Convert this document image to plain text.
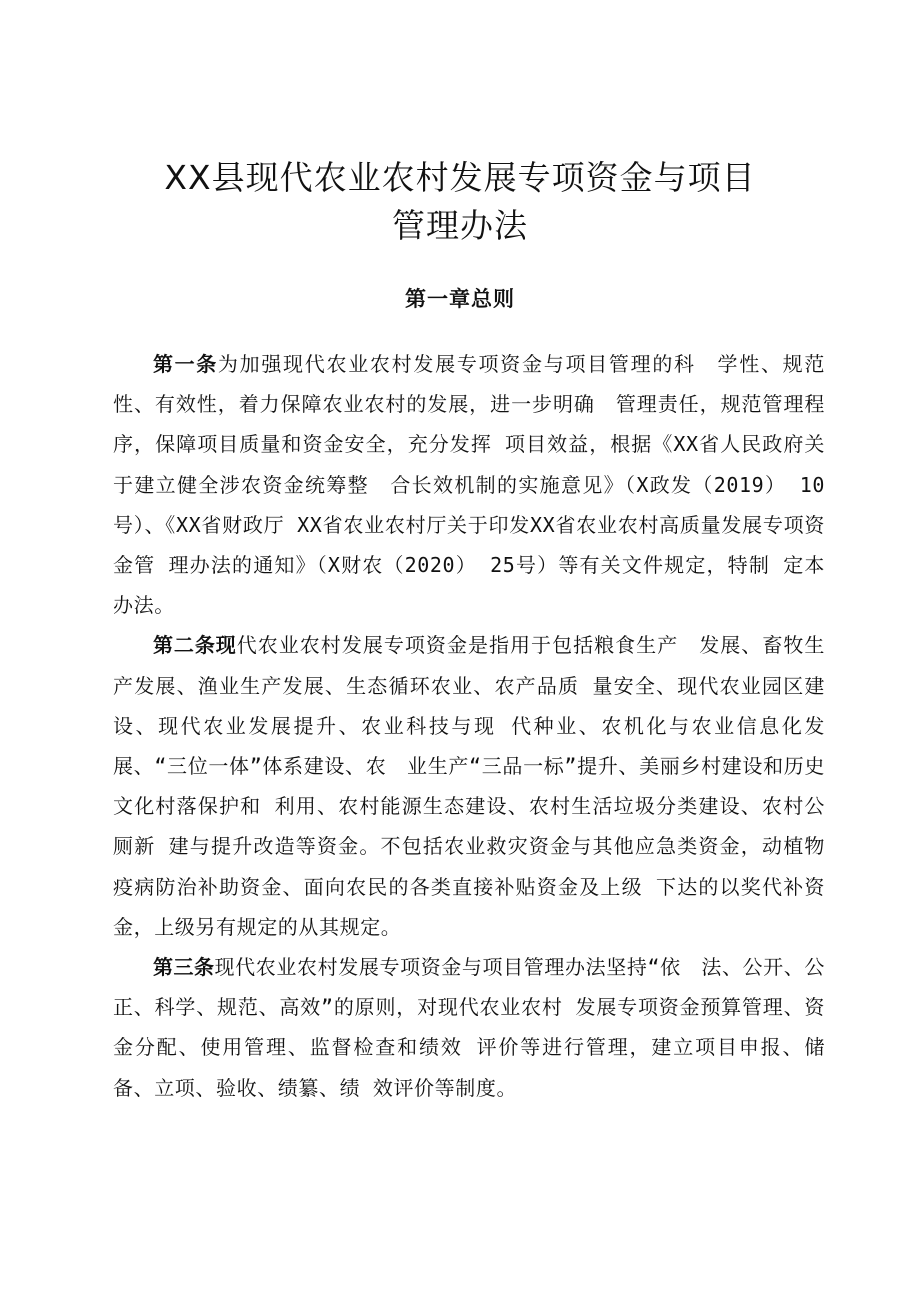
XX县现代农业农村发展专项资金与项目
管理办法
第一章总则

第一条为加强现代农业农村发展专项资金与项目管理的科　学性、规范性、有效性，着力保障农业农村的发展，进一步明确　管理责任，规范管理程序，保障项目质量和资金安全，充分发挥 项目效益，根据《XX省人民政府关于建立健全涉农资金统筹整　合长效机制的实施意见》（X政发（2019） 10号）、《XX省财政厅 XX省农业农村厅关于印发XX省农业农村高质量发展专项资金管 理办法的通知》（X财农（2020） 25号）等有关文件规定，特制 定本办法。

第二条现代农业农村发展专项资金是指用于包括粮食生产　发展、畜牧生产发展、渔业生产发展、生态循环农业、农产品质 量安全、现代农业园区建设、现代农业发展提升、农业科技与现 代种业、农机化与农业信息化发展、“三位一体”体系建设、农　业生产“三品一标”提升、美丽乡村建设和历史文化村落保护和 利用、农村能源生态建设、农村生活垃圾分类建设、农村公厕新 建与提升改造等资金。不包括农业救灾资金与其他应急类资金，动植物疫病防治补助资金、面向农民的各类直接补贴资金及上级 下达的以奖代补资金，上级另有规定的从其规定。

第三条现代农业农村发展专项资金与项目管理办法坚持“依　法、公开、公正、科学、规范、高效”的原则，对现代农业农村 发展专项资金预算管理、资金分配、使用管理、监督检查和绩效 评价等进行管理，建立项目申报、储备、立项、验收、绩纂、绩 效评价等制度。
